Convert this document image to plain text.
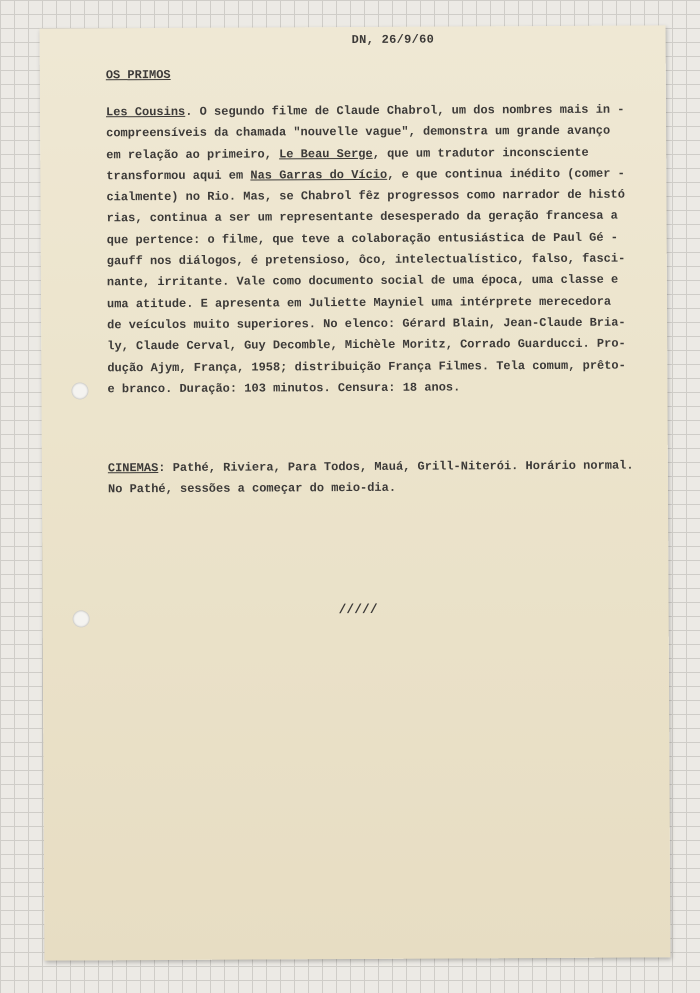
DN, 26/9/60
OS PRIMOS
Les Cousins. O segundo filme de Claude Chabrol, um dos nombres mais in -
compreensíveis da chamada "nouvelle vague", demonstra um grande avanço
em relação ao primeiro, Le Beau Serge, que um tradutor inconsciente
transformou aqui em Nas Garras do Vício, e que continua inédito (comer -
cialmente) no Rio. Mas, se Chabrol fêz progressos como narrador de histó
rias, continua a ser um representante desesperado da geração francesa a
que pertence: o filme, que teve a colaboração entusiástica de Paul Gé -
gauff nos diálogos, é pretensioso, ôco, intelectualístico, falso, fasci-
nante, irritante. Vale como documento social de uma época, uma classe e
uma atitude. E apresenta em Juliette Mayniel uma intérprete merecedora
de veículos muito superiores. No elenco: Gérard Blain, Jean-Claude Bria-
ly, Claude Cerval, Guy Decomble, Michèle Moritz, Corrado Guarducci. Pro-
dução Ajym, França, 1958; distribuição França Filmes. Tela comum, prêto-
e branco. Duração: 103 minutos. Censura: 18 anos.
CINEMAS: Pathé, Riviera, Para Todos, Mauá, Grill-Niterói. Horário normal.
No Pathé, sessões a começar do meio-dia.
/////
